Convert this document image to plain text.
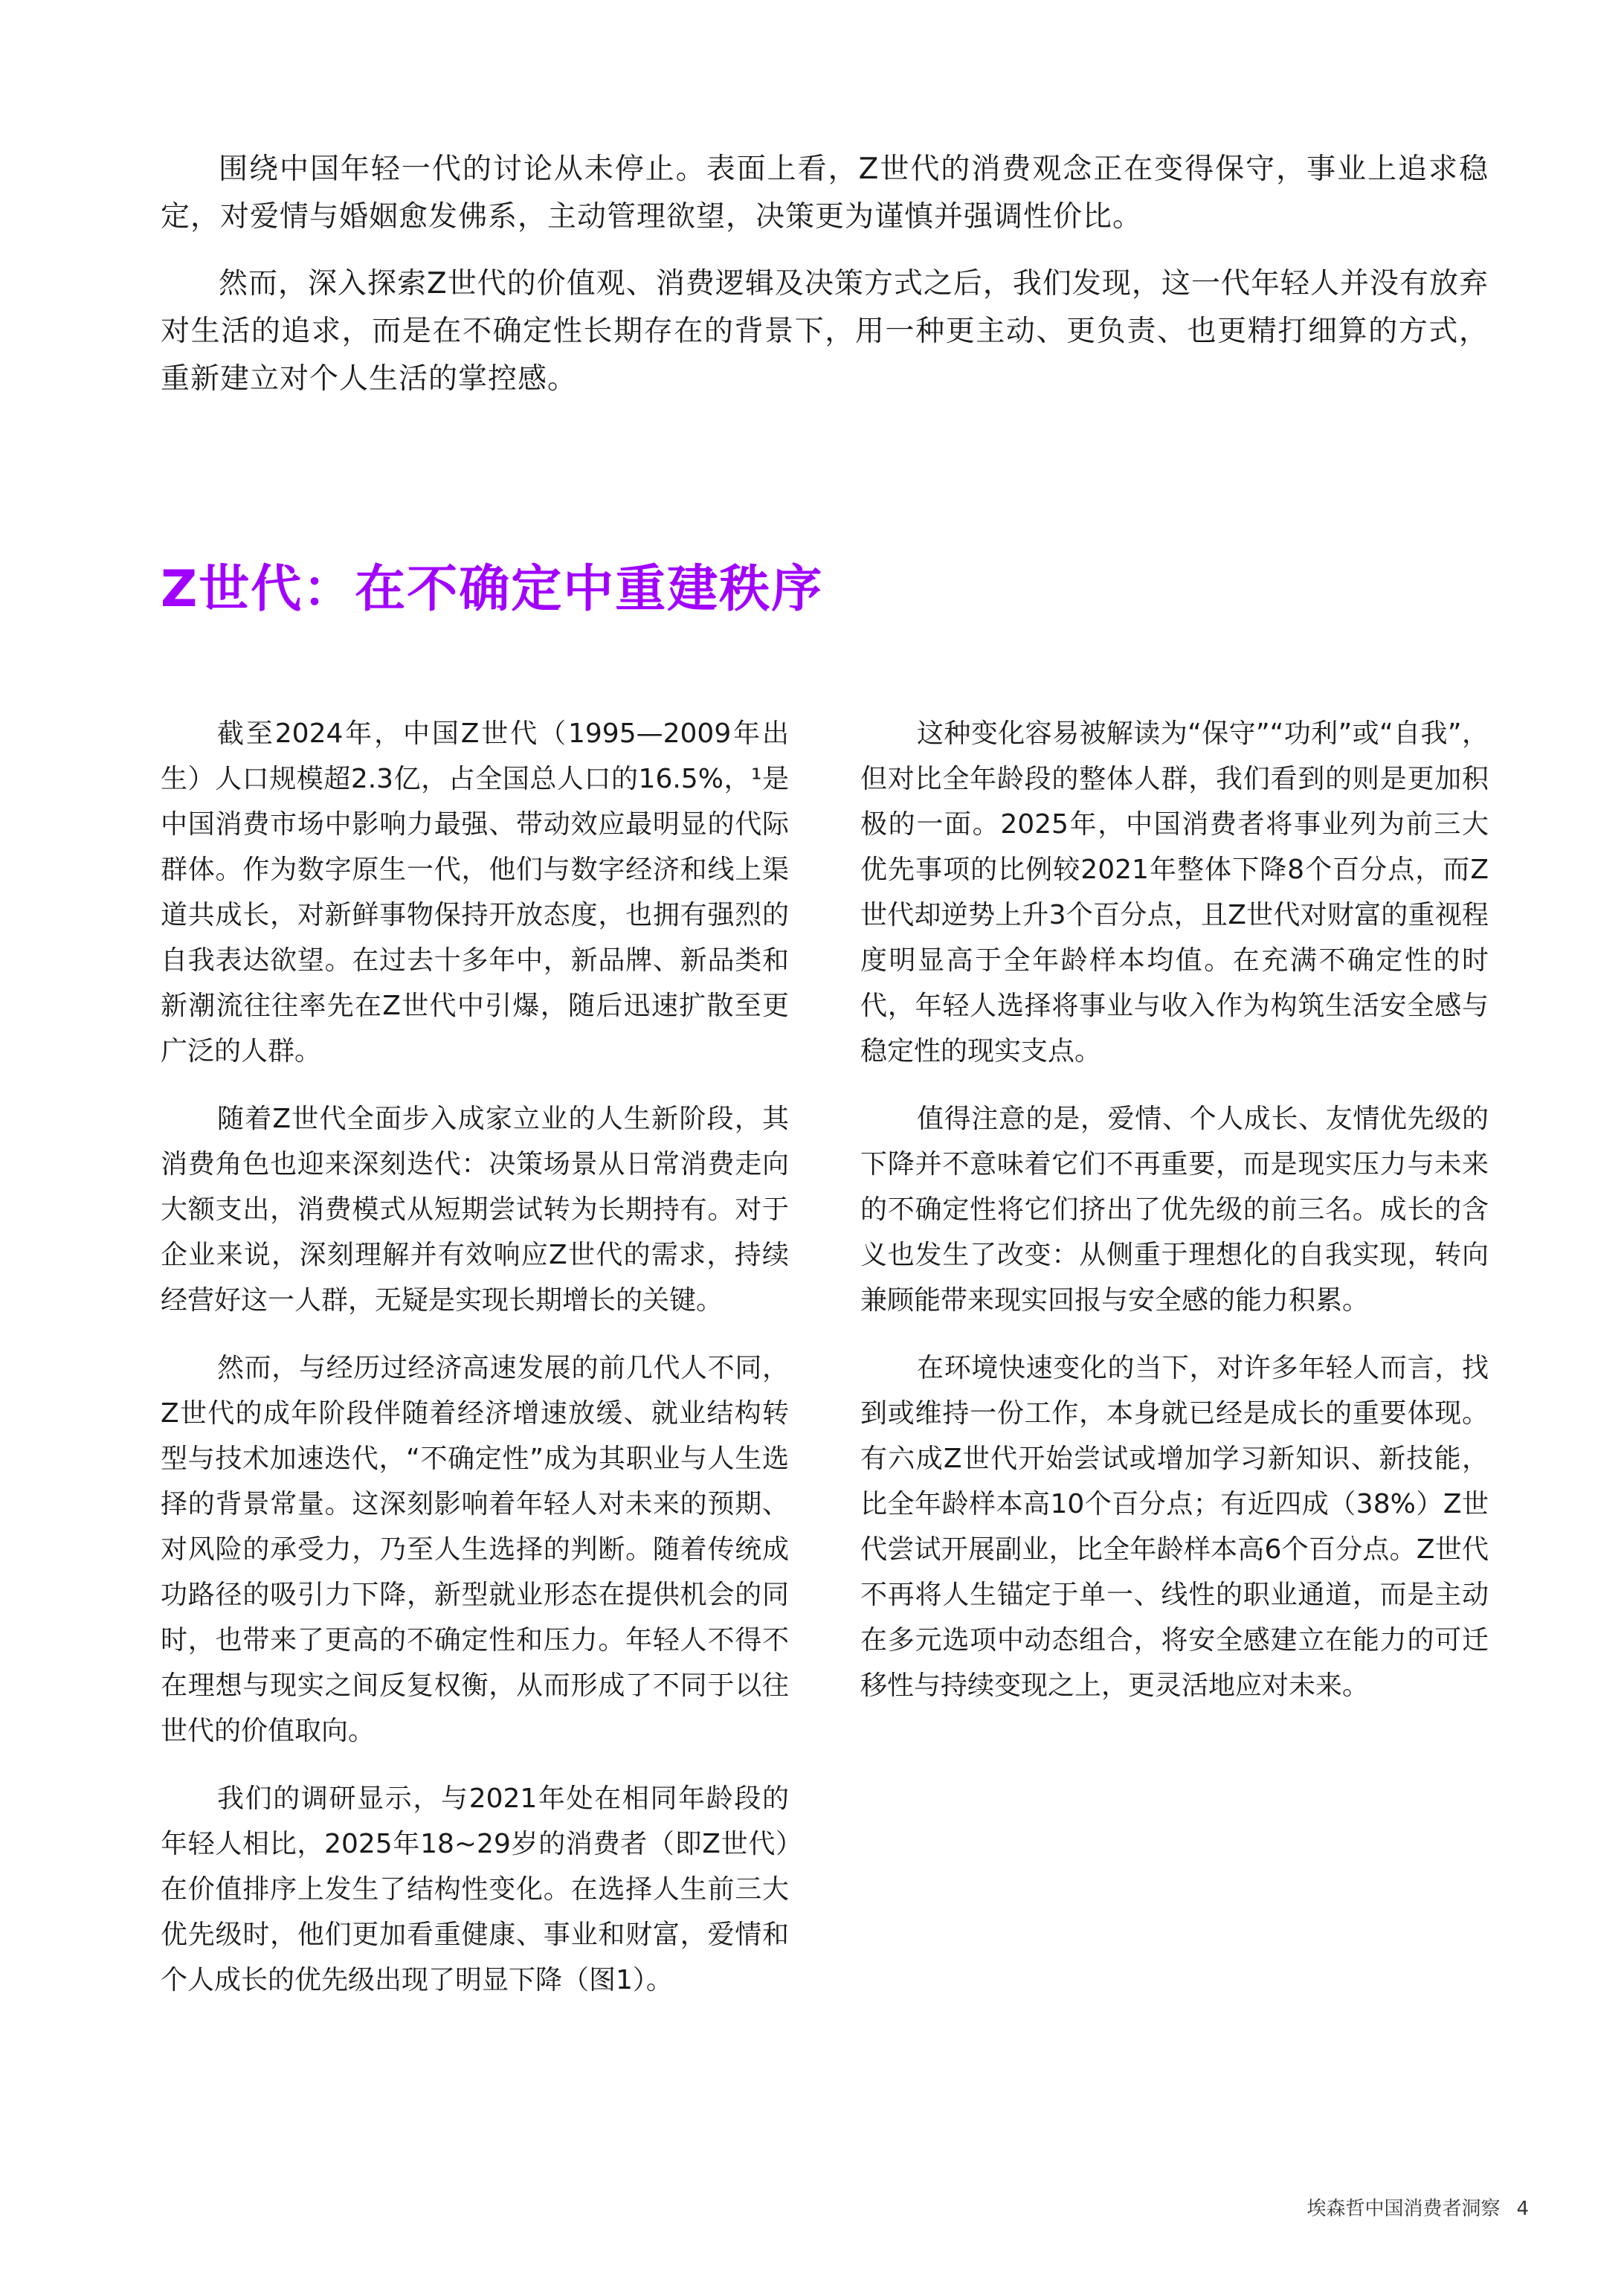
围绕中国年轻一代的讨论从未停止。表面上看，Z世代的消费观念正在变得保守，事业上追求稳定，对爱情与婚姻愈发佛系，主动管理欲望，决策更为谨慎并强调性价比。

然而，深入探索Z世代的价值观、消费逻辑及决策方式之后，我们发现，这一代年轻人并没有放弃对生活的追求，而是在不确定性长期存在的背景下，用一种更主动、更负责、也更精打细算的方式，重新建立对个人生活的掌控感。

Z世代：在不确定中重建秩序

截至2024年，中国Z世代（1995—2009年出生）人口规模超2.3亿，占全国总人口的16.5%，¹是中国消费市场中影响力最强、带动效应最明显的代际群体。作为数字原生一代，他们与数字经济和线上渠道共成长，对新鲜事物保持开放态度，也拥有强烈的自我表达欲望。在过去十多年中，新品牌、新品类和新潮流往往率先在Z世代中引爆，随后迅速扩散至更广泛的人群。

随着Z世代全面步入成家立业的人生新阶段，其消费角色也迎来深刻迭代：决策场景从日常消费走向大额支出，消费模式从短期尝试转为长期持有。对于企业来说，深刻理解并有效响应Z世代的需求，持续经营好这一人群，无疑是实现长期增长的关键。

然而，与经历过经济高速发展的前几代人不同，Z世代的成年阶段伴随着经济增速放缓、就业结构转型与技术加速迭代，“不确定性”成为其职业与人生选择的背景常量。这深刻影响着年轻人对未来的预期、对风险的承受力，乃至人生选择的判断。随着传统成功路径的吸引力下降，新型就业形态在提供机会的同时，也带来了更高的不确定性和压力。年轻人不得不在理想与现实之间反复权衡，从而形成了不同于以往世代的价值取向。

我们的调研显示，与2021年处在相同年龄段的年轻人相比，2025年18~29岁的消费者（即Z世代）在价值排序上发生了结构性变化。在选择人生前三大优先级时，他们更加看重健康、事业和财富，爱情和个人成长的优先级出现了明显下降（图1）。

这种变化容易被解读为“保守”“功利”或“自我”，但对比全年龄段的整体人群，我们看到的则是更加积极的一面。2025年，中国消费者将事业列为前三大优先事项的比例较2021年整体下降8个百分点，而Z世代却逆势上升3个百分点，且Z世代对财富的重视程度明显高于全年龄样本均值。在充满不确定性的时代，年轻人选择将事业与收入作为构筑生活安全感与稳定性的现实支点。

值得注意的是，爱情、个人成长、友情优先级的下降并不意味着它们不再重要，而是现实压力与未来的不确定性将它们挤出了优先级的前三名。成长的含义也发生了改变：从侧重于理想化的自我实现，转向兼顾能带来现实回报与安全感的能力积累。

在环境快速变化的当下，对许多年轻人而言，找到或维持一份工作，本身就已经是成长的重要体现。有六成Z世代开始尝试或增加学习新知识、新技能，比全年龄样本高10个百分点；有近四成（38%）Z世代尝试开展副业，比全年龄样本高6个百分点。Z世代不再将人生锚定于单一、线性的职业通道，而是主动在多元选项中动态组合，将安全感建立在能力的可迁移性与持续变现之上，更灵活地应对未来。

埃森哲中国消费者洞察 4
